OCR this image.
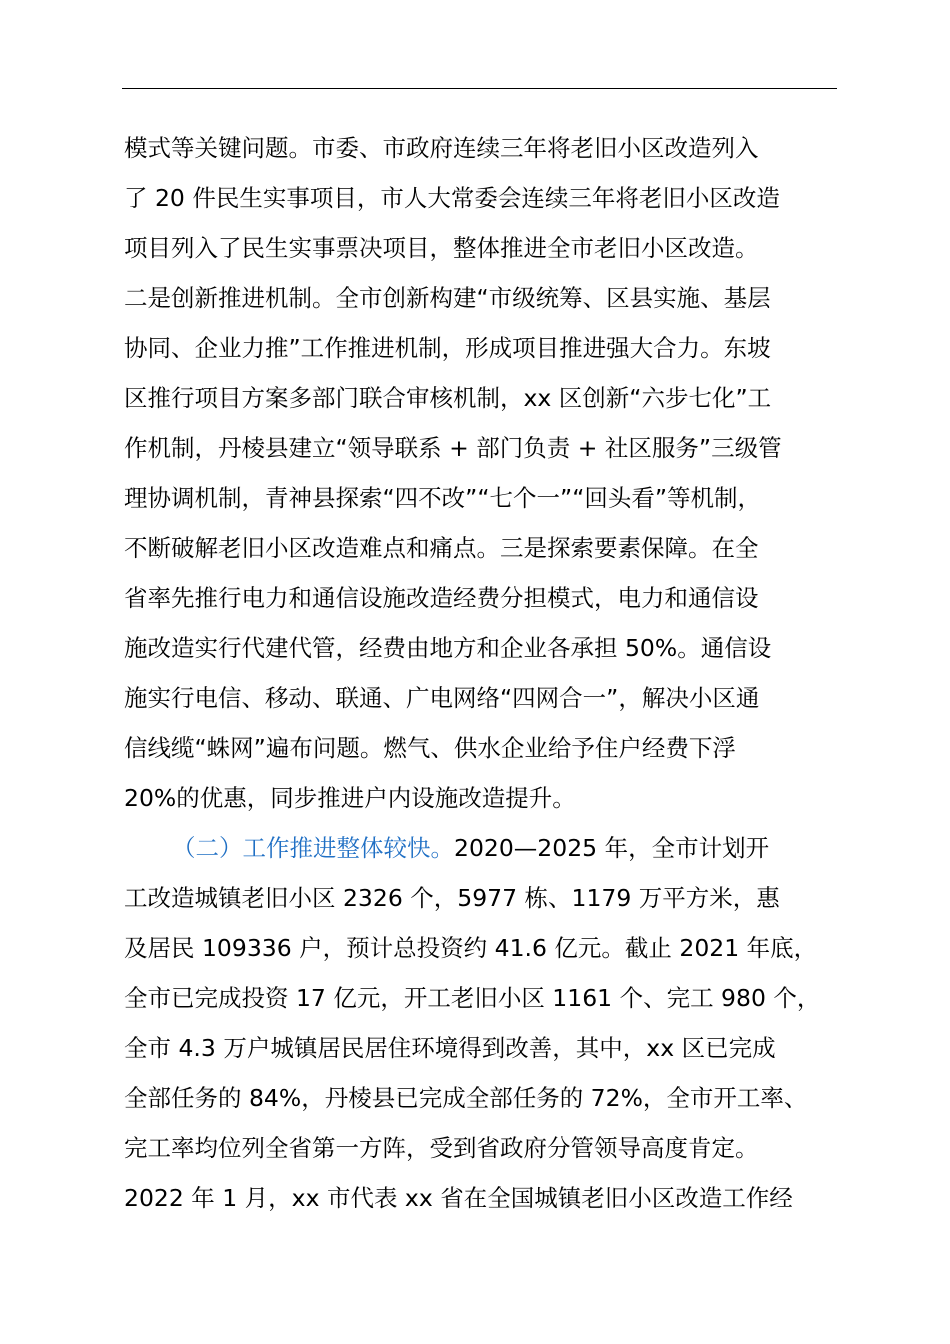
模式等关键问题。市委、市政府连续三年将老旧小区改造列入
了 20 件民生实事项目，市人大常委会连续三年将老旧小区改造
项目列入了民生实事票决项目，整体推进全市老旧小区改造。
二是创新推进机制。全市创新构建“市级统筹、区县实施、基层
协同、企业力推”工作推进机制，形成项目推进强大合力。东坡
区推行项目方案多部门联合审核机制，xx 区创新“六步七化”工
作机制，丹棱县建立“领导联系 + 部门负责 + 社区服务”三级管
理协调机制，青神县探索“四不改”“七个一”“回头看”等机制，
不断破解老旧小区改造难点和痛点。三是探索要素保障。在全
省率先推行电力和通信设施改造经费分担模式，电力和通信设
施改造实行代建代管，经费由地方和企业各承担 50%。通信设
施实行电信、移动、联通、广电网络“四网合一”，解决小区通
信线缆“蛛网”遍布问题。燃气、供水企业给予住户经费下浮
20%的优惠，同步推进户内设施改造提升。
（二）工作推进整体较快。2020—2025 年，全市计划开
工改造城镇老旧小区 2326 个，5977 栋、1179 万平方米，惠
及居民 109336 户，预计总投资约 41.6 亿元。截止 2021 年底，
全市已完成投资 17 亿元，开工老旧小区 1161 个、完工 980 个，
全市 4.3 万户城镇居民居住环境得到改善，其中，xx 区已完成
全部任务的 84%，丹棱县已完成全部任务的 72%，全市开工率、
完工率均位列全省第一方阵，受到省政府分管领导高度肯定。
2022 年 1 月，xx 市代表 xx 省在全国城镇老旧小区改造工作经
